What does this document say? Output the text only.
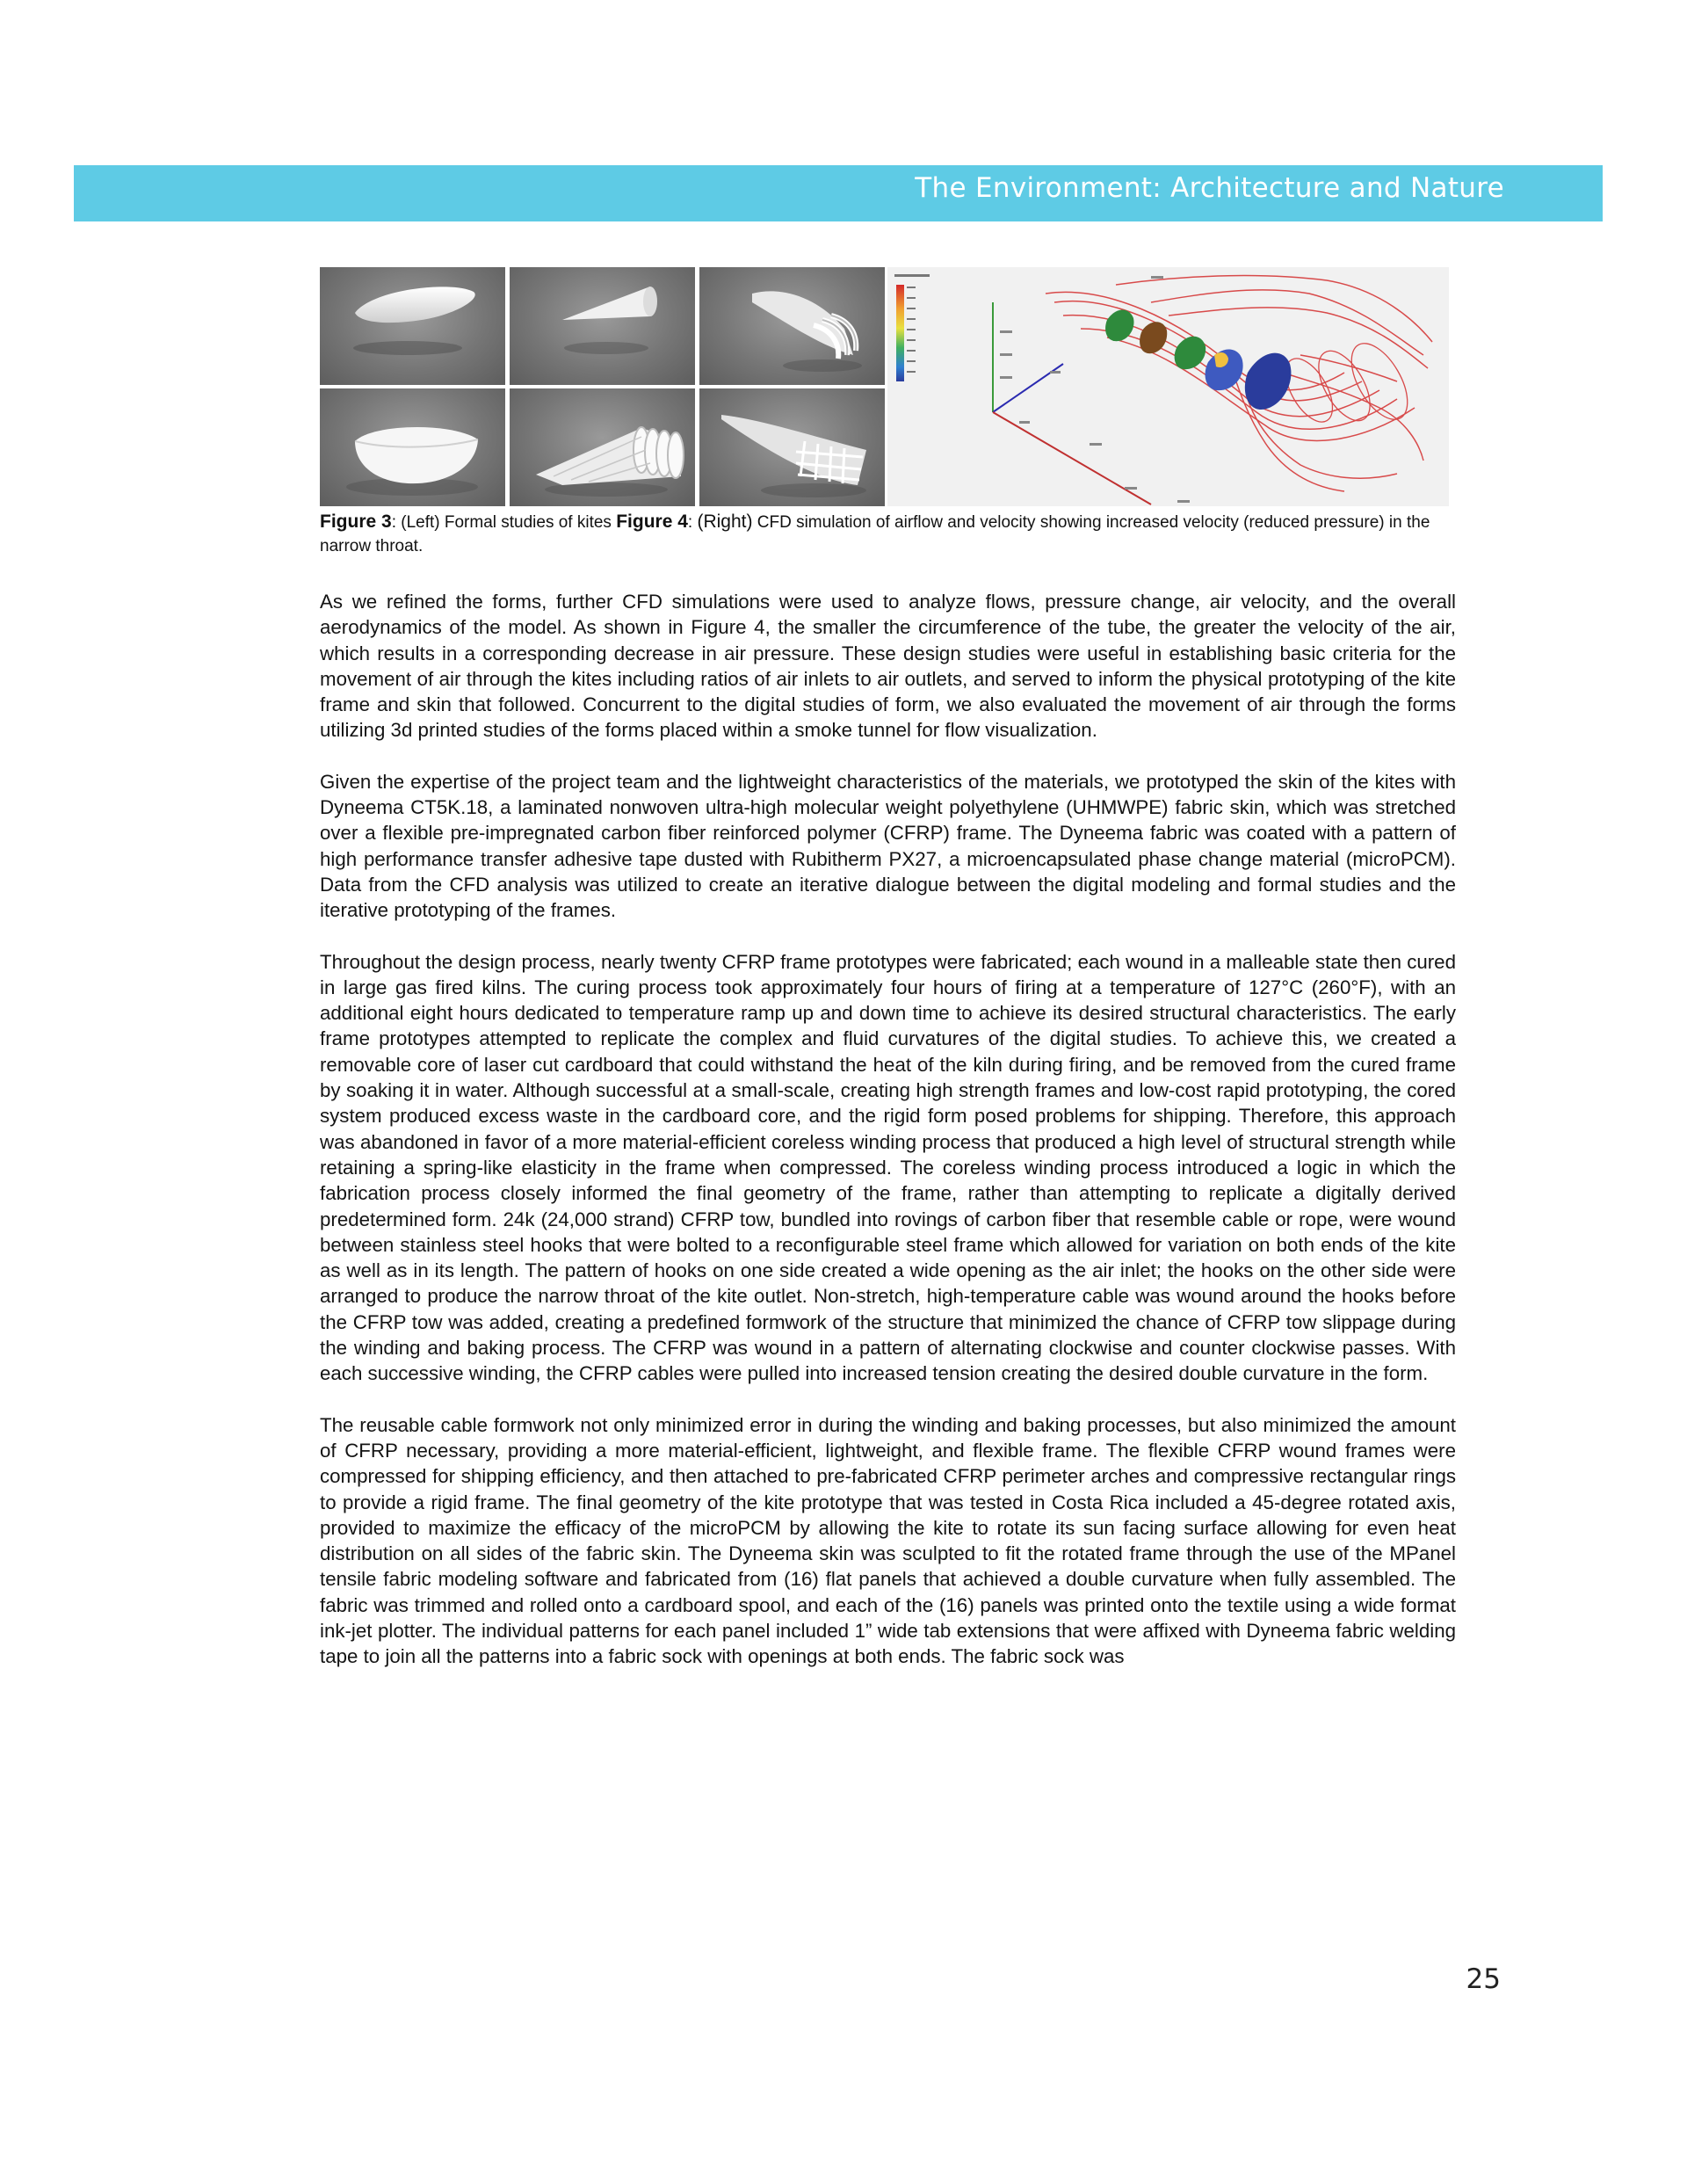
The Environment: Architecture and Nature
Figure 3: (Left) Formal studies of kites Figure 4: (Right) CFD simulation of airflow and velocity showing increased velocity (reduced pressure) in the narrow throat.

As we refined the forms, further CFD simulations were used to analyze flows, pressure change, air velocity, and the overall aerodynamics of the model. As shown in Figure 4, the smaller the circumference of the tube, the greater the velocity of the air, which results in a corresponding decrease in air pressure. These design studies were useful in establishing basic criteria for the movement of air through the kites including ratios of air inlets to air outlets, and served to inform the physical prototyping of the kite frame and skin that followed. Concurrent to the digital studies of form, we also evaluated the movement of air through the forms utilizing 3d printed studies of the forms placed within a smoke tunnel for flow visualization.

Given the expertise of the project team and the lightweight characteristics of the materials, we prototyped the skin of the kites with Dyneema CT5K.18, a laminated nonwoven ultra-high molecular weight polyethylene (UHMWPE) fabric skin, which was stretched over a flexible pre-impregnated carbon fiber reinforced polymer (CFRP) frame. The Dyneema fabric was coated with a pattern of high performance transfer adhesive tape dusted with Rubitherm PX27, a microencapsulated phase change material (microPCM). Data from the CFD analysis was utilized to create an iterative dialogue between the digital modeling and formal studies and the iterative prototyping of the frames.

Throughout the design process, nearly twenty CFRP frame prototypes were fabricated; each wound in a malleable state then cured in large gas fired kilns. The curing process took approximately four hours of firing at a temperature of 127°C (260°F), with an additional eight hours dedicated to temperature ramp up and down time to achieve its desired structural characteristics. The early frame prototypes attempted to replicate the complex and fluid curvatures of the digital studies. To achieve this, we created a removable core of laser cut cardboard that could withstand the heat of the kiln during firing, and be removed from the cured frame by soaking it in water. Although successful at a small-scale, creating high strength frames and low-cost rapid prototyping, the cored system produced excess waste in the cardboard core, and the rigid form posed problems for shipping. Therefore, this approach was abandoned in favor of a more material-efficient coreless winding process that produced a high level of structural strength while retaining a spring-like elasticity in the frame when compressed. The coreless winding process introduced a logic in which the fabrication process closely informed the final geometry of the frame, rather than attempting to replicate a digitally derived predetermined form. 24k (24,000 strand) CFRP tow, bundled into rovings of carbon fiber that resemble cable or rope, were wound between stainless steel hooks that were bolted to a reconfigurable steel frame which allowed for variation on both ends of the kite as well as in its length. The pattern of hooks on one side created a wide opening as the air inlet; the hooks on the other side were arranged to produce the narrow throat of the kite outlet. Non-stretch, high-temperature cable was wound around the hooks before the CFRP tow was added, creating a predefined formwork of the structure that minimized the chance of CFRP tow slippage during the winding and baking process. The CFRP was wound in a pattern of alternating clockwise and counter clockwise passes. With each successive winding, the CFRP cables were pulled into increased tension creating the desired double curvature in the form.

The reusable cable formwork not only minimized error in during the winding and baking processes, but also minimized the amount of CFRP necessary, providing a more material-efficient, lightweight, and flexible frame. The flexible CFRP wound frames were compressed for shipping efficiency, and then attached to pre-fabricated CFRP perimeter arches and compressive rectangular rings to provide a rigid frame. The final geometry of the kite prototype that was tested in Costa Rica included a 45-degree rotated axis, provided to maximize the efficacy of the microPCM by allowing the kite to rotate its sun facing surface allowing for even heat distribution on all sides of the fabric skin. The Dyneema skin was sculpted to fit the rotated frame through the use of the MPanel tensile fabric modeling software and fabricated from (16) flat panels that achieved a double curvature when fully assembled. The fabric was trimmed and rolled onto a cardboard spool, and each of the (16) panels was printed onto the textile using a wide format ink-jet plotter. The individual patterns for each panel included 1” wide tab extensions that were affixed with Dyneema fabric welding tape to join all the patterns into a fabric sock with openings at both ends. The fabric sock was

25
